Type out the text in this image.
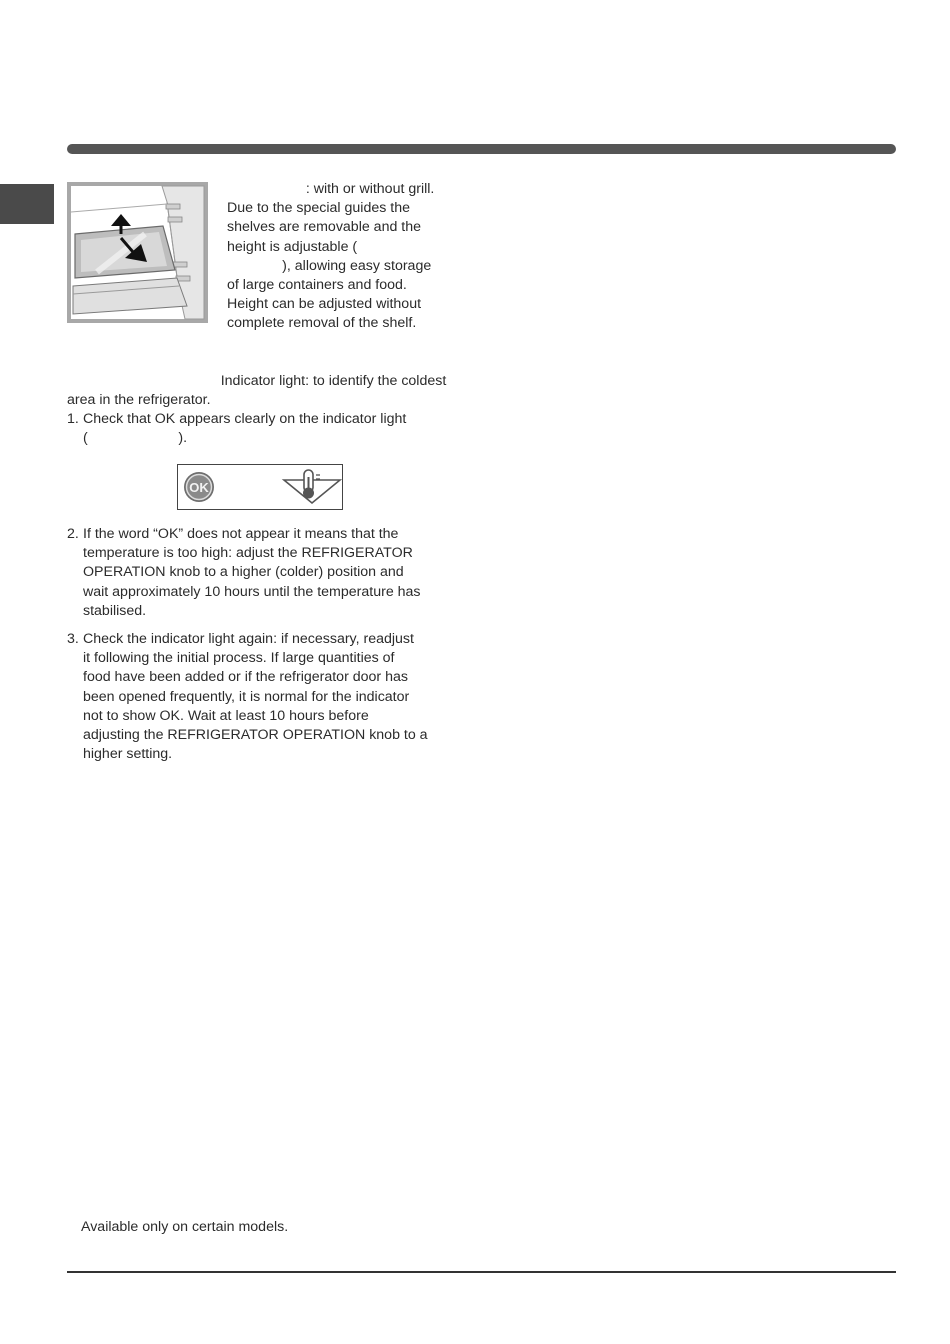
: with or without grill.
Due to the special guides the
shelves are removable and the
height is adjustable (
), allowing easy storage
of large containers and food.
Height can be adjusted without
complete removal of the shelf.
Indicator light: to identify the coldest
area in the refrigerator.
1. Check that OK appears clearly on the indicator light
(                       ).
OK
2. If the word “OK” does not appear it means that the
temperature is too high: adjust the REFRIGERATOR
OPERATION knob to a higher (colder) position and
wait approximately 10 hours until the temperature has
stabilised.
3. Check the indicator light again: if necessary, readjust
it following the initial process. If large quantities of
food have been added or if the refrigerator door has
been opened frequently, it is normal for the indicator
not to show OK. Wait at least 10 hours before
adjusting the REFRIGERATOR OPERATION knob to a
higher setting.
Available only on certain models.
